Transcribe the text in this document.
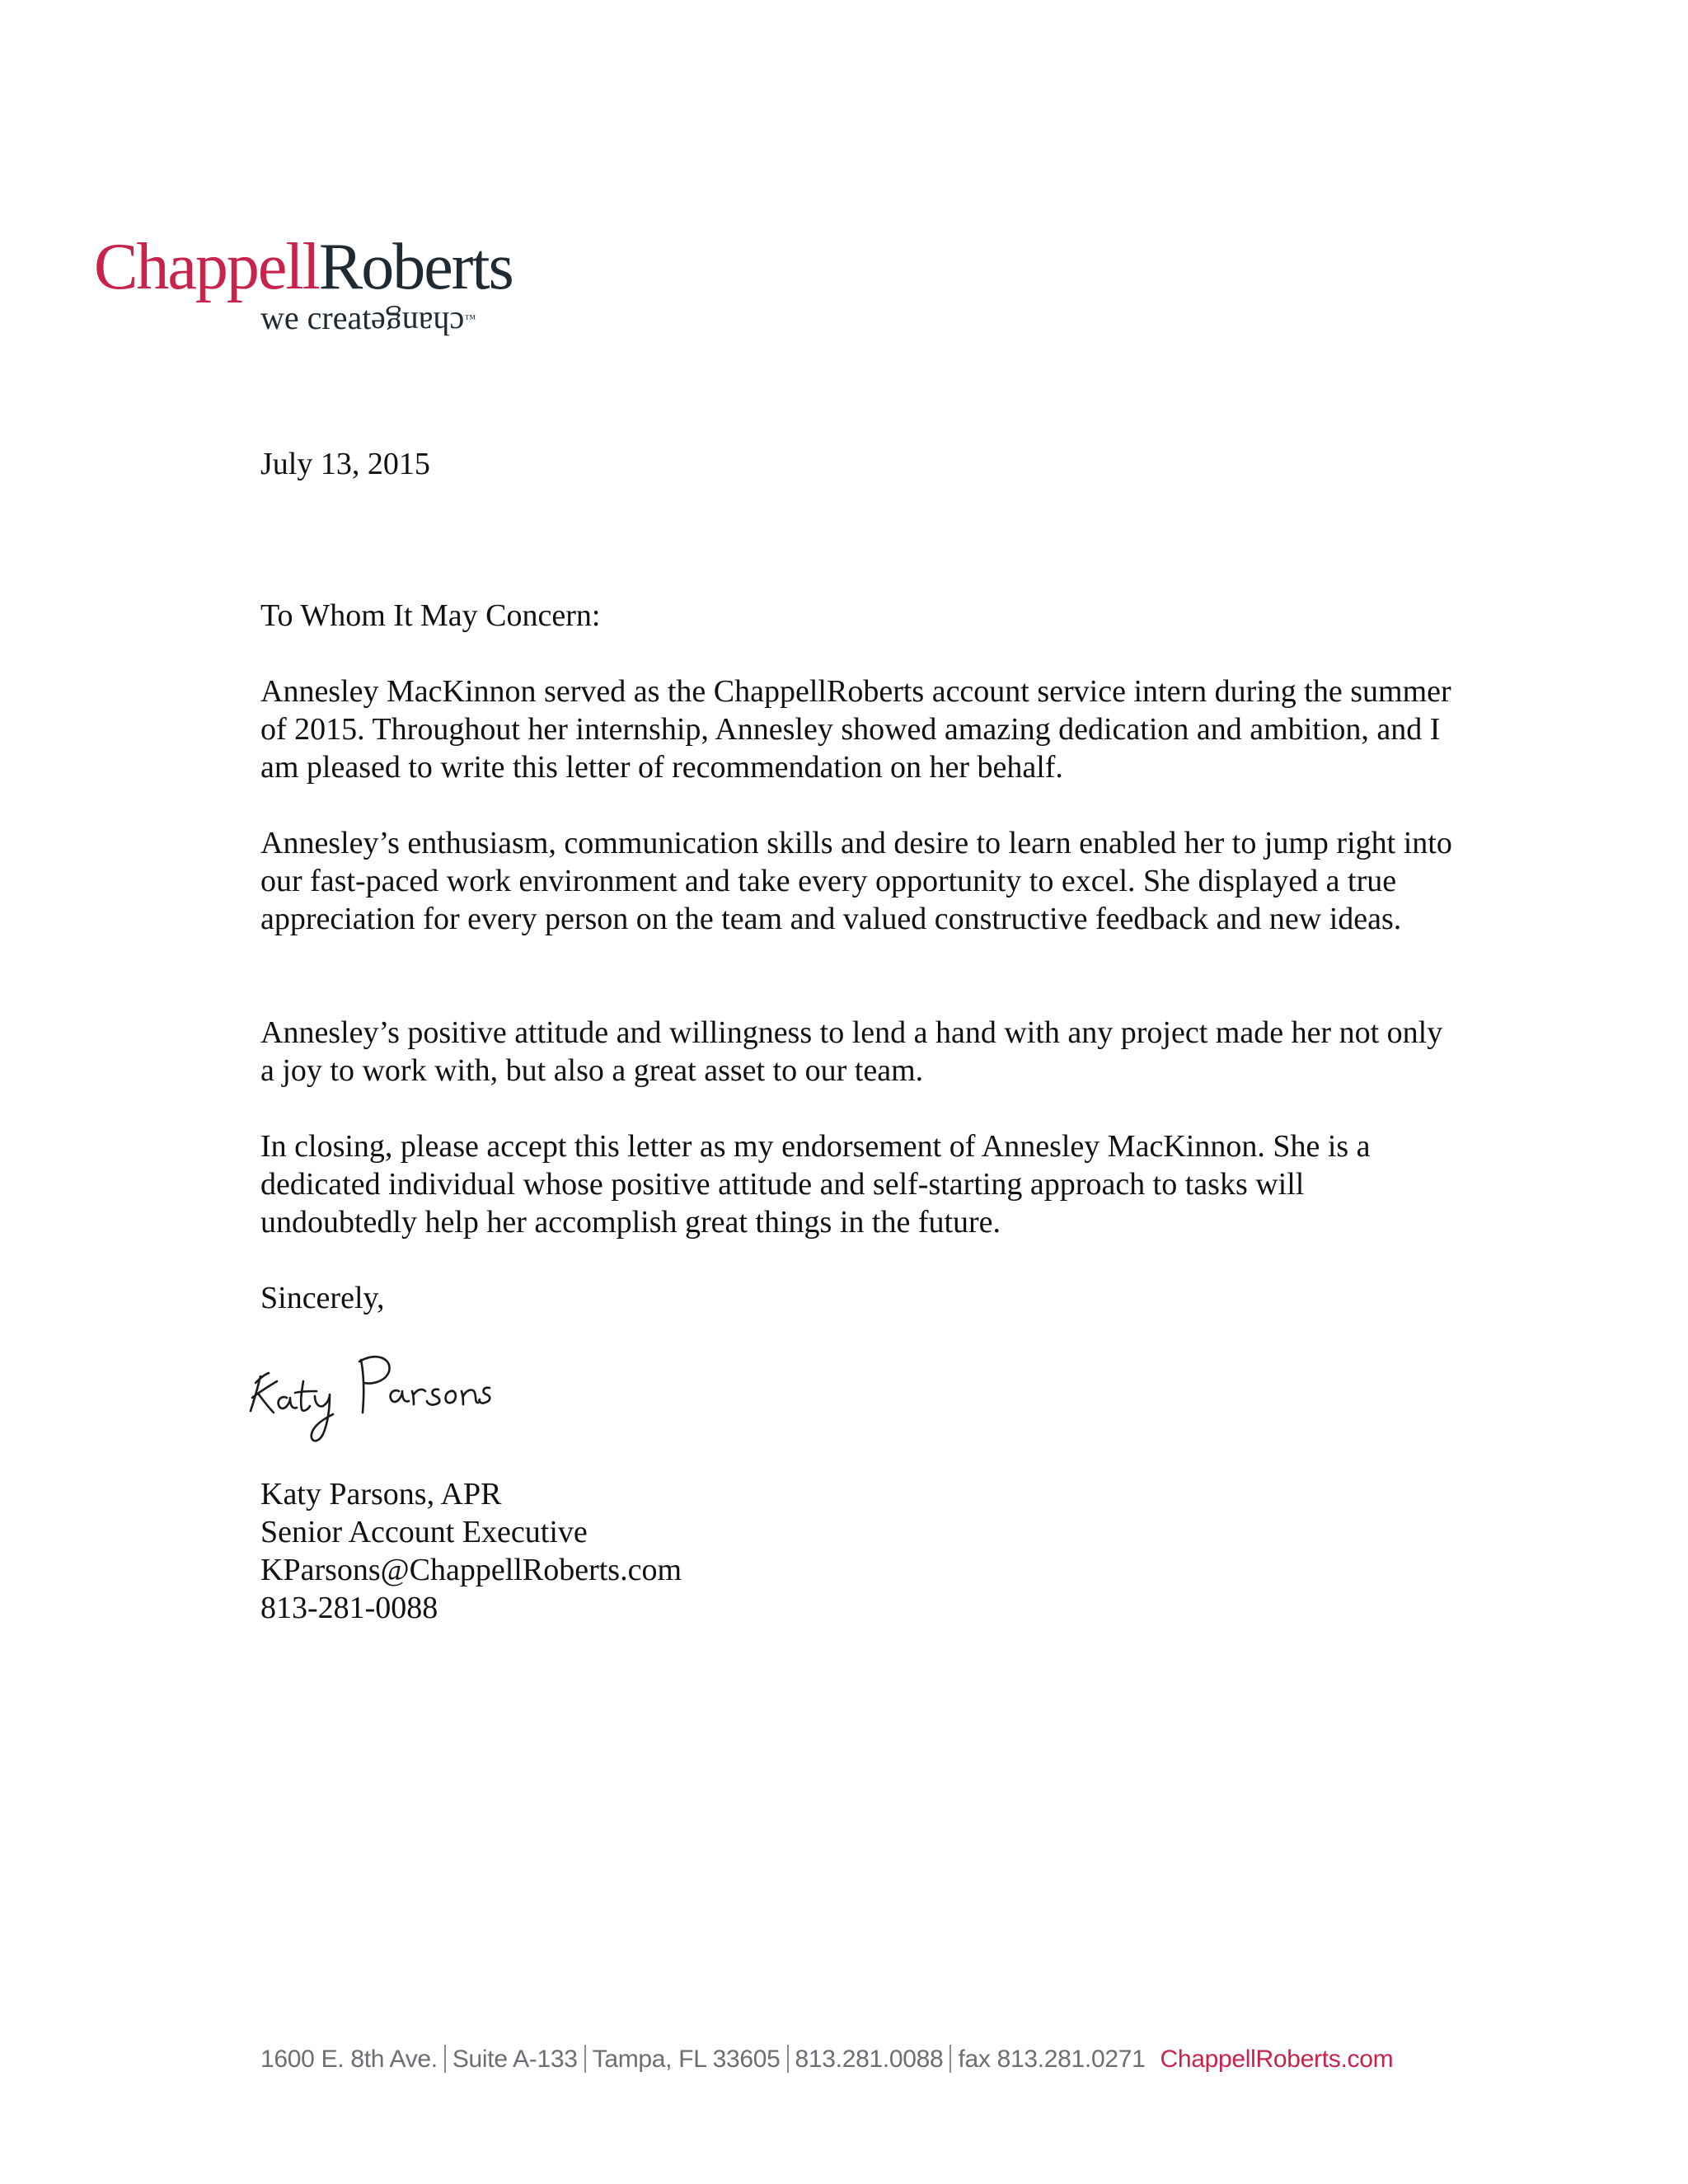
ChappellRoberts
we creatchange™

July 13, 2015

To Whom It May Concern:

Annesley MacKinnon served as the ChappellRoberts account service intern during the summer of 2015. Throughout her internship, Annesley showed amazing dedication and ambition, and I am pleased to write this letter of recommendation on her behalf.

Annesley’s enthusiasm, communication skills and desire to learn enabled her to jump right into our fast-paced work environment and take every opportunity to excel. She displayed a true appreciation for every person on the team and valued constructive feedback and new ideas.

Annesley’s positive attitude and willingness to lend a hand with any project made her not only a joy to work with, but also a great asset to our team.

In closing, please accept this letter as my endorsement of Annesley MacKinnon. She is a dedicated individual whose positive attitude and self-starting approach to tasks will undoubtedly help her accomplish great things in the future.

Sincerely,

Katy Parsons, APR
Senior Account Executive
KParsons@ChappellRoberts.com
813-281-0088
1600 E. 8th Ave. Suite A-133 Tampa, FL 33605 813.281.0088 fax 813.281.0271 ChappellRoberts.com
